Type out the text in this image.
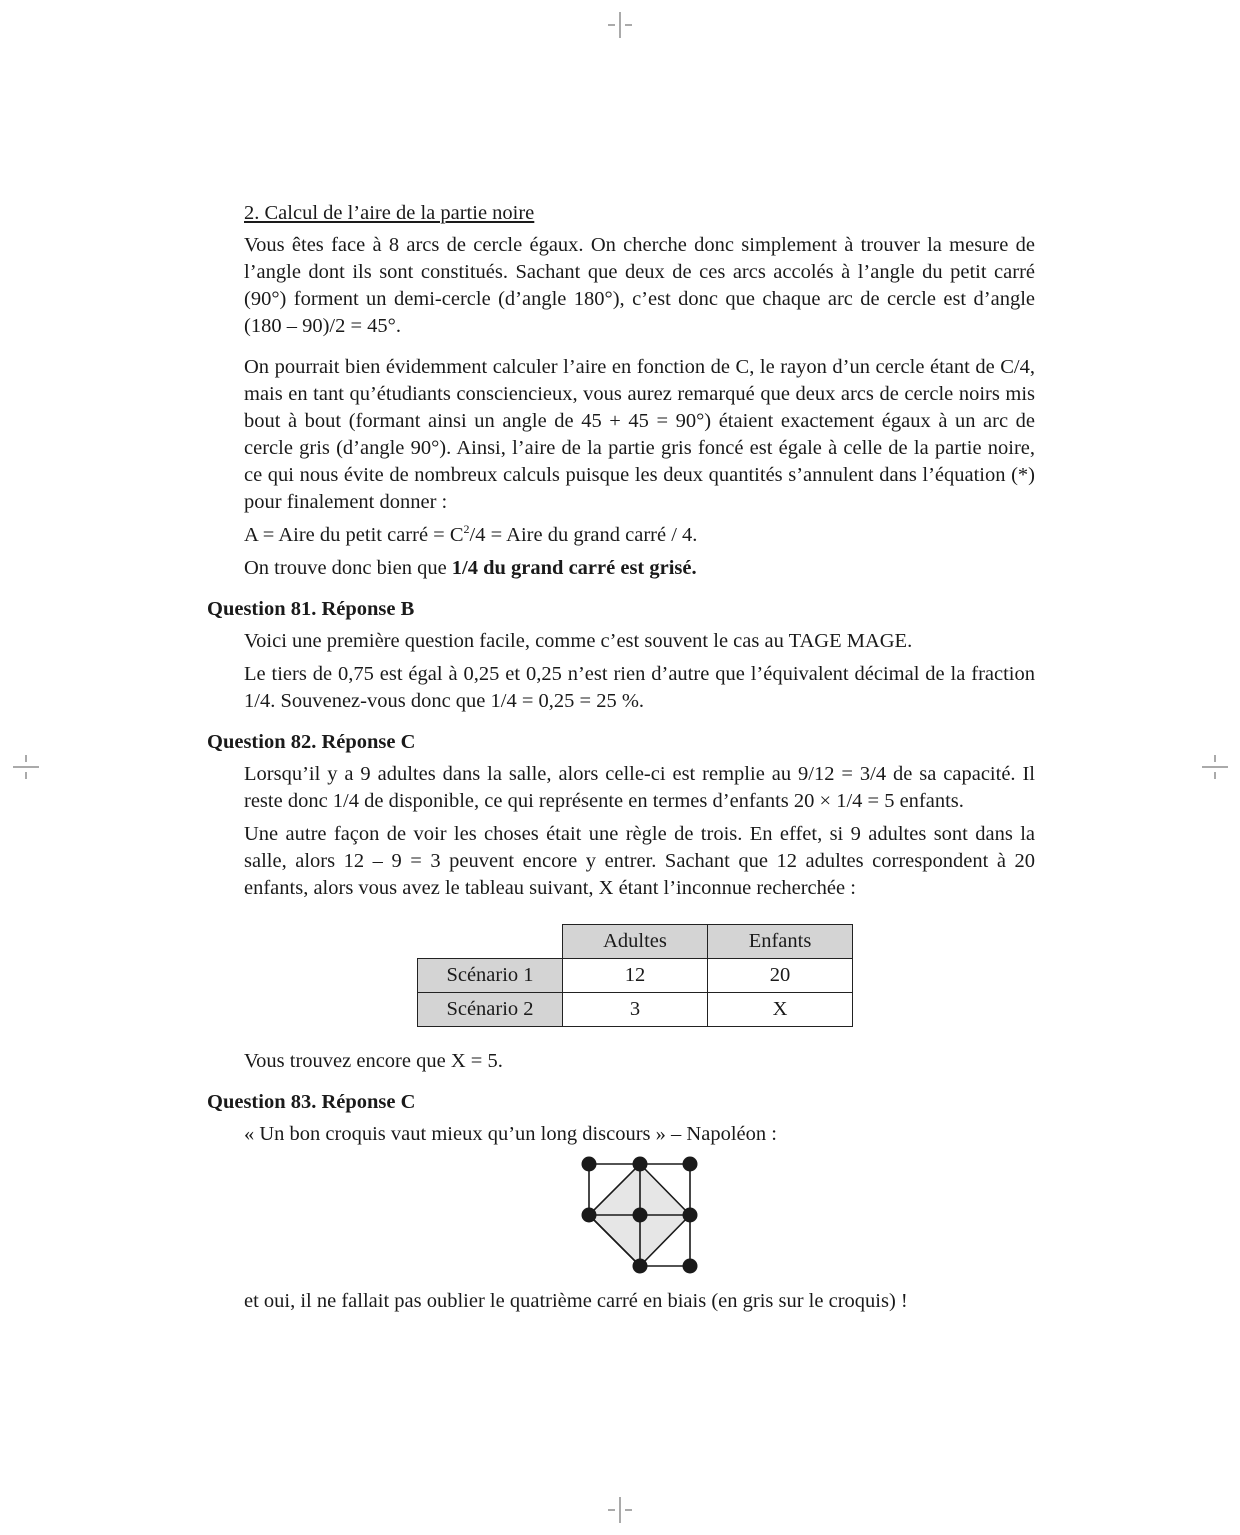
2. Calcul de l’aire de la partie noire

Vous êtes face à 8 arcs de cercle égaux. On cherche donc simplement à trouver la mesure de l’angle dont ils sont constitués. Sachant que deux de ces arcs accolés à l’angle du petit carré (90°) forment un demi-cercle (d’angle 180°), c’est donc que chaque arc de cercle est d’angle (180 – 90)/2 = 45°.

On pourrait bien évidemment calculer l’aire en fonction de C, le rayon d’un cercle étant de C/4, mais en tant qu’étudiants consciencieux, vous aurez remarqué que deux arcs de cercle noirs mis bout à bout (formant ainsi un angle de 45 + 45 = 90°) étaient exactement égaux à un arc de cercle gris (d’angle 90°). Ainsi, l’aire de la partie gris foncé est égale à celle de la partie noire, ce qui nous évite de nombreux calculs puisque les deux quantités s’annulent dans l’équation (*) pour finalement donner :

A = Aire du petit carré = $C^2/4$ = Aire du grand carré / 4.

On trouve donc bien que 1/4 du grand carré est grisé.

Question 81. Réponse B

Voici une première question facile, comme c’est souvent le cas au TAGE MAGE.

Le tiers de 0,75 est égal à 0,25 et 0,25 n’est rien d’autre que l’équivalent décimal de la fraction 1/4. Souvenez-vous donc que 1/4 = 0,25 = 25 %.

Question 82. Réponse C

Lorsqu’il y a 9 adultes dans la salle, alors celle-ci est remplie au 9/12 = 3/4 de sa capacité. Il reste donc 1/4 de disponible, ce qui représente en termes d’enfants 20 × 1/4 = 5 enfants.

Une autre façon de voir les choses était une règle de trois. En effet, si 9 adultes sont dans la salle, alors 12 – 9 = 3 peuvent encore y entrer. Sachant que 12 adultes correspondent à 20 enfants, alors vous avez le tableau suivant, X étant l’inconnue recherchée :

	Adultes	Enfants
Scénario 1	12	20
Scénario 2	3	X

Vous trouvez encore que X = 5.

Question 83. Réponse C

« Un bon croquis vaut mieux qu’un long discours » – Napoléon :

et oui, il ne fallait pas oublier le quatrième carré en biais (en gris sur le croquis) !
